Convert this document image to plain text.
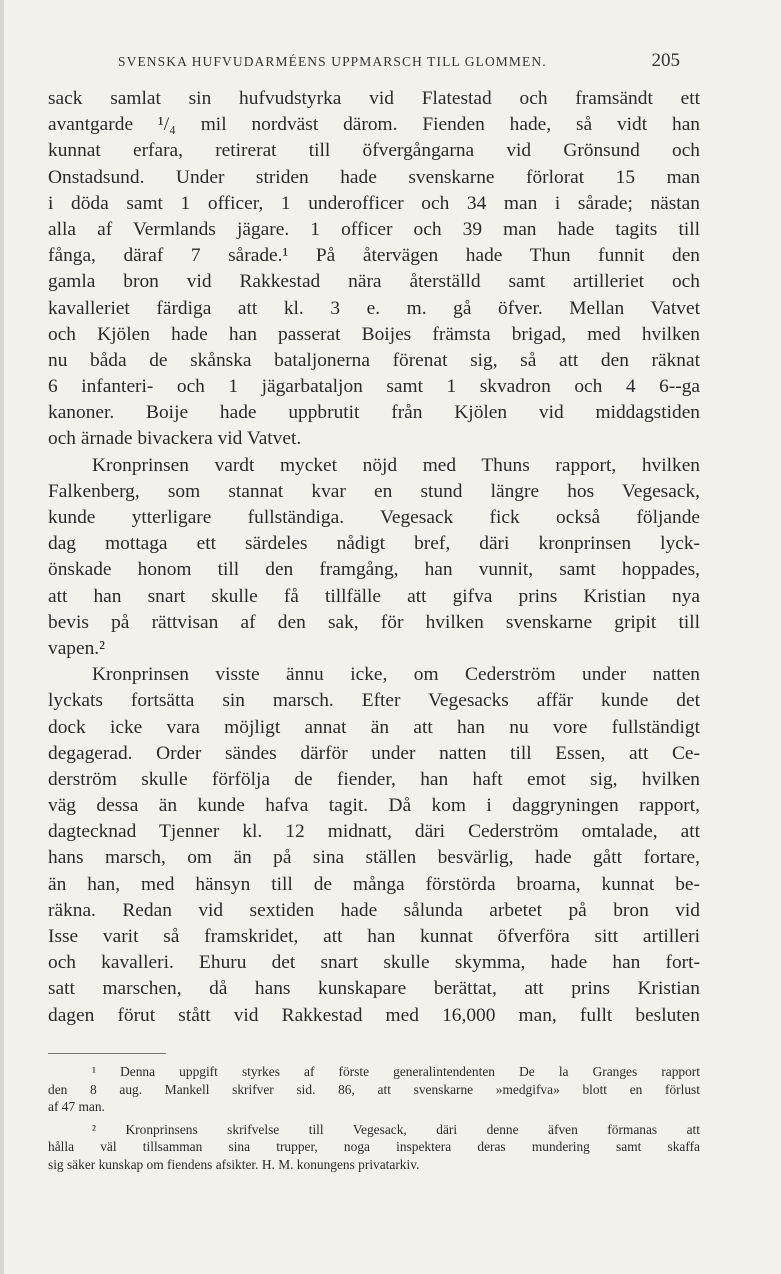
SVENSKA HUFVUDARMÉENS UPPMARSCH TILL GLOMMEN.	205
sack samlat sin hufvudstyrka vid Flatestad och framsändt ett
avantgarde ¹/₄ mil nordväst därom. Fienden hade, så vidt han
kunnat erfara, retirerat till öfvergångarna vid Grönsund och
Onstadsund. Under striden hade svenskarne förlorat 15 man
i döda samt 1 officer, 1 underofficer och 34 man i sårade; nästan
alla af Vermlands jägare. 1 officer och 39 man hade tagits till
fånga, däraf 7 sårade.¹ På återvägen hade Thun funnit den
gamla bron vid Rakkestad nära återställd samt artilleriet och
kavalleriet färdiga att kl. 3 e. m. gå öfver. Mellan Vatvet
och Kjölen hade han passerat Boijes främsta brigad, med hvilken
nu båda de skånska bataljonerna förenat sig, så att den räknat
6 infanteri- och 1 jägarbataljon samt 1 skvadron och 4 6-‑ga
kanoner. Boije hade uppbrutit från Kjölen vid middagstiden
och ärnade bivackera vid Vatvet.
Kronprinsen vardt mycket nöjd med Thuns rapport, hvilken
Falkenberg, som stannat kvar en stund längre hos Vegesack,
kunde ytterligare fullständiga. Vegesack fick också följande
dag mottaga ett särdeles nådigt bref, däri kronprinsen lyck-
önskade honom till den framgång, han vunnit, samt hoppades,
att han snart skulle få tillfälle att gifva prins Kristian nya
bevis på rättvisan af den sak, för hvilken svenskarne gripit till
vapen.²
Kronprinsen visste ännu icke, om Cederström under natten
lyckats fortsätta sin marsch. Efter Vegesacks affär kunde det
dock icke vara möjligt annat än att han nu vore fullständigt
degagerad. Order sändes därför under natten till Essen, att Ce-
derström skulle förfölja de fiender, han haft emot sig, hvilken
väg dessa än kunde hafva tagit. Då kom i daggryningen rapport,
dagtecknad Tjenner kl. 12 midnatt, däri Cederström omtalade, att
hans marsch, om än på sina ställen besvärlig, hade gått fortare,
än han, med hänsyn till de många förstörda broarna, kunnat be-
räkna. Redan vid sextiden hade sålunda arbetet på bron vid
Isse varit så framskridet, att han kunnat öfverföra sitt artilleri
och kavalleri. Ehuru det snart skulle skymma, hade han fort-
satt marschen, då hans kunskapare berättat, att prins Kristian
dagen förut stått vid Rakkestad med 16,000 man, fullt besluten
¹ Denna uppgift styrkes af förste generalintendenten De la Granges rapport
den 8 aug. Mankell skrifver sid. 86, att svenskarne »medgifva» blott en förlust
af 47 man.
² Kronprinsens skrifvelse till Vegesack, däri denne äfven förmanas att
hålla väl tillsamman sina trupper, noga inspektera deras mundering samt skaffa
sig säker kunskap om fiendens afsikter. H. M. konungens privatarkiv.
